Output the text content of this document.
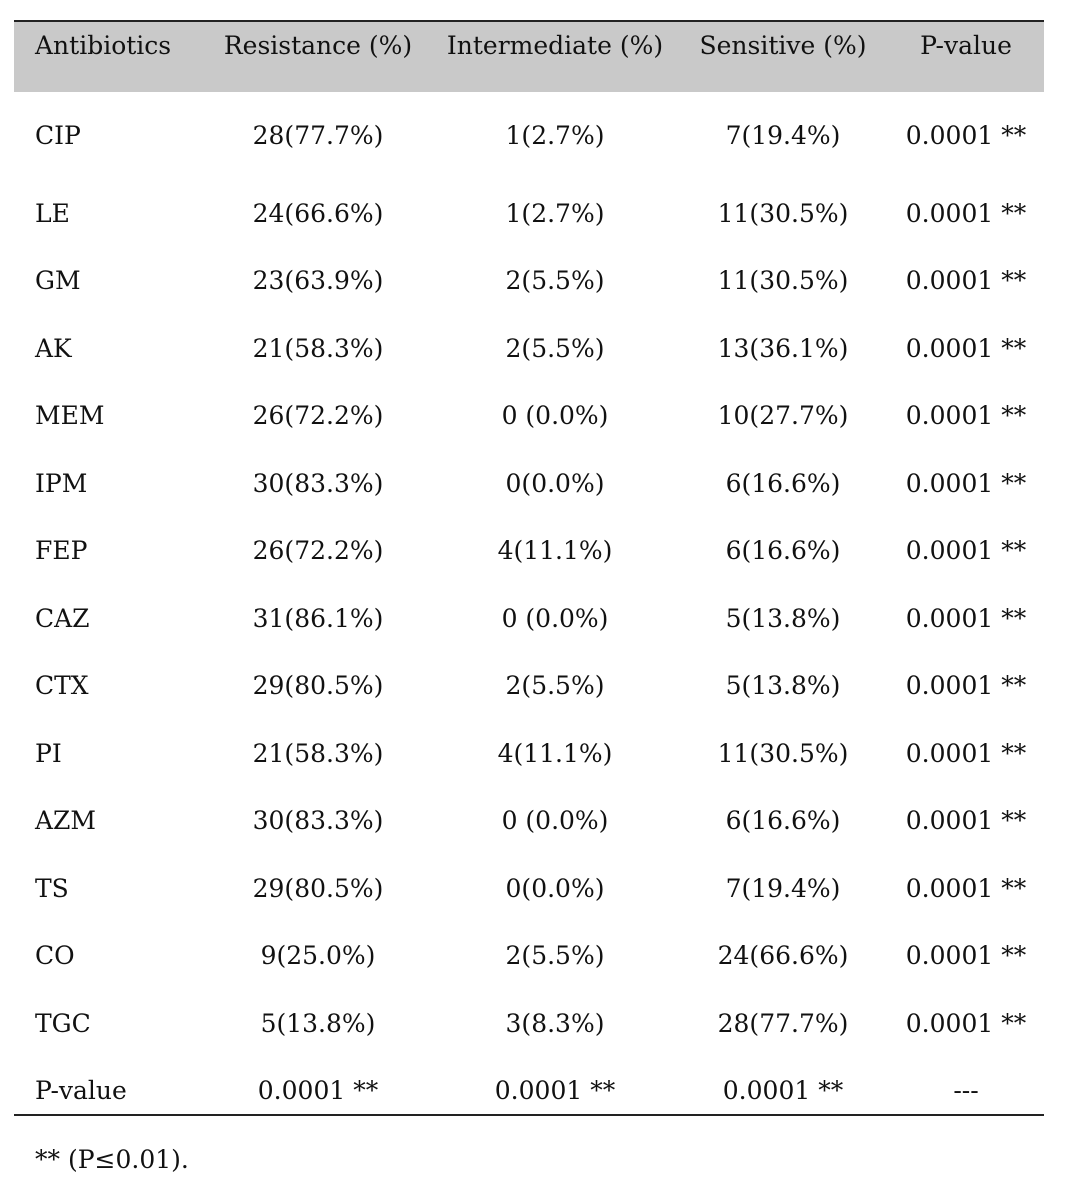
Antibiotics	Resistance (%)	Intermediate (%)	Sensitive (%)	P-value
CIP	28(77.7%)	1(2.7%)	7(19.4%)	0.0001 **
LE	24(66.6%)	1(2.7%)	11(30.5%)	0.0001 **
GM	23(63.9%)	2(5.5%)	11(30.5%)	0.0001 **
AK	21(58.3%)	2(5.5%)	13(36.1%)	0.0001 **
MEM	26(72.2%)	0 (0.0%)	10(27.7%)	0.0001 **
IPM	30(83.3%)	0(0.0%)	6(16.6%)	0.0001 **
FEP	26(72.2%)	4(11.1%)	6(16.6%)	0.0001 **
CAZ	31(86.1%)	0 (0.0%)	5(13.8%)	0.0001 **
CTX	29(80.5%)	2(5.5%)	5(13.8%)	0.0001 **
PI	21(58.3%)	4(11.1%)	11(30.5%)	0.0001 **
AZM	30(83.3%)	0 (0.0%)	6(16.6%)	0.0001 **
TS	29(80.5%)	0(0.0%)	7(19.4%)	0.0001 **
CO	9(25.0%)	2(5.5%)	24(66.6%)	0.0001 **
TGC	5(13.8%)	3(8.3%)	28(77.7%)	0.0001 **
P-value	0.0001 **	0.0001 **	0.0001 **	---
** (P≤0.01).
